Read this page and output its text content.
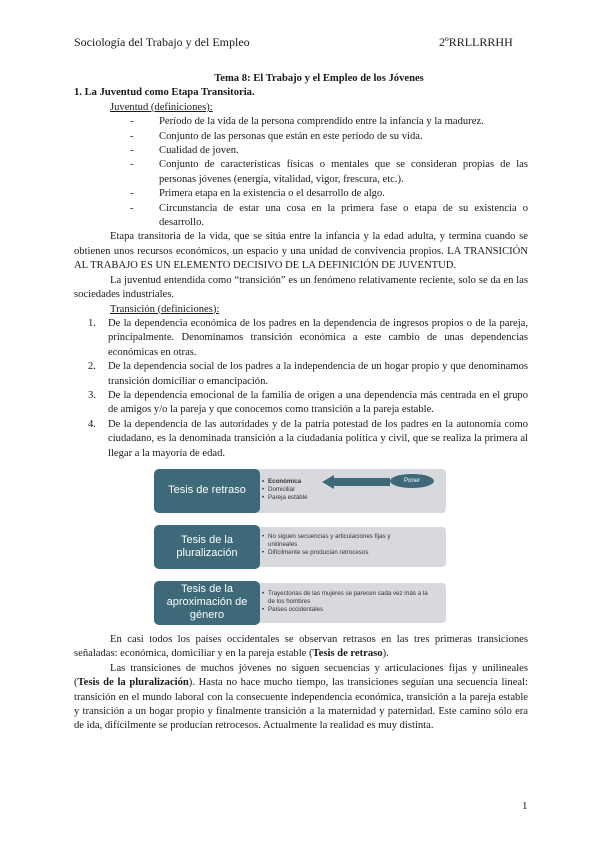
Sociología del Trabajo y del Empleo	2ºRRLLRRHH
Tema 8: El Trabajo y el Empleo de los Jóvenes
1. La Juventud como Etapa Transitoria.
Juventud (definiciones):
- Período de la vida de la persona comprendido entre la infancia y la madurez.
- Conjunto de las personas que están en este período de su vida.
- Cualidad de joven.
- Conjunto de características físicas o mentales que se consideran propias de las personas jóvenes (energía, vitalidad, vigor, frescura, etc.).
- Primera etapa en la existencia o el desarrollo de algo.
- Circunstancia de estar una cosa en la primera fase o etapa de su existencia o desarrollo.

Etapa transitoria de la vida, que se sitúa entre la infancia y la edad adulta, y termina cuando se obtienen unos recursos económicos, un espacio y una unidad de convivencia propios. LA TRANSICIÓN AL TRABAJO ES UN ELEMENTO DECISIVO DE LA DEFINICIÓN DE JUVENTUD.

La juventud entendida como “transición” es un fenómeno relativamente reciente, solo se da en las sociedades industriales.

Transición (definiciones):
1. De la dependencia económica de los padres en la dependencia de ingresos propios o de la pareja, principalmente. Denominamos transición económica a este cambio de unas dependencias económicas en otras.
2. De la dependencia social de los padres a la independencia de un hogar propio y que denominamos transición domiciliar o emancipación.
3. De la dependencia emocional de la familia de origen a una dependencia más centrada en el grupo de amigos y/o la pareja y que conocemos como transición a la pareja estable.
4. De la dependencia de las autoridades y de la patria potestad de los padres en la autonomía como ciudadano, es la denominada transición a la ciudadanía política y civil, que se realiza la primera al llegar a la mayoría de edad.
Tesis de retraso
• Económica
• Domiciliar
• Pareja estable
Poner
Tesis de la pluralización
• No siguen secuencias y articulaciones fijas y unilineales
• Difícilmente se producían retrocesos
Tesis de la aproximación de género
• Trayectorias de las mujeres se parecen cada vez más a la de los hombres
• Países occidentales

En casi todos los países occidentales se observan retrasos en las tres primeras transiciones señaladas: económica, domiciliar y en la pareja estable (Tesis de retraso).

Las transiciones de muchos jóvenes no siguen secuencias y articulaciones fijas y unilineales (Tesis de la pluralización). Hasta no hace mucho tiempo, las transiciones seguían una secuencia lineal: transición en el mundo laboral con la consecuente independencia económica, transición a la pareja estable y transición a un hogar propio y finalmente transición a la maternidad y paternidad. Este camino sólo era de ida, difícilmente se producían retrocesos. Actualmente la realidad es muy distinta.

1
